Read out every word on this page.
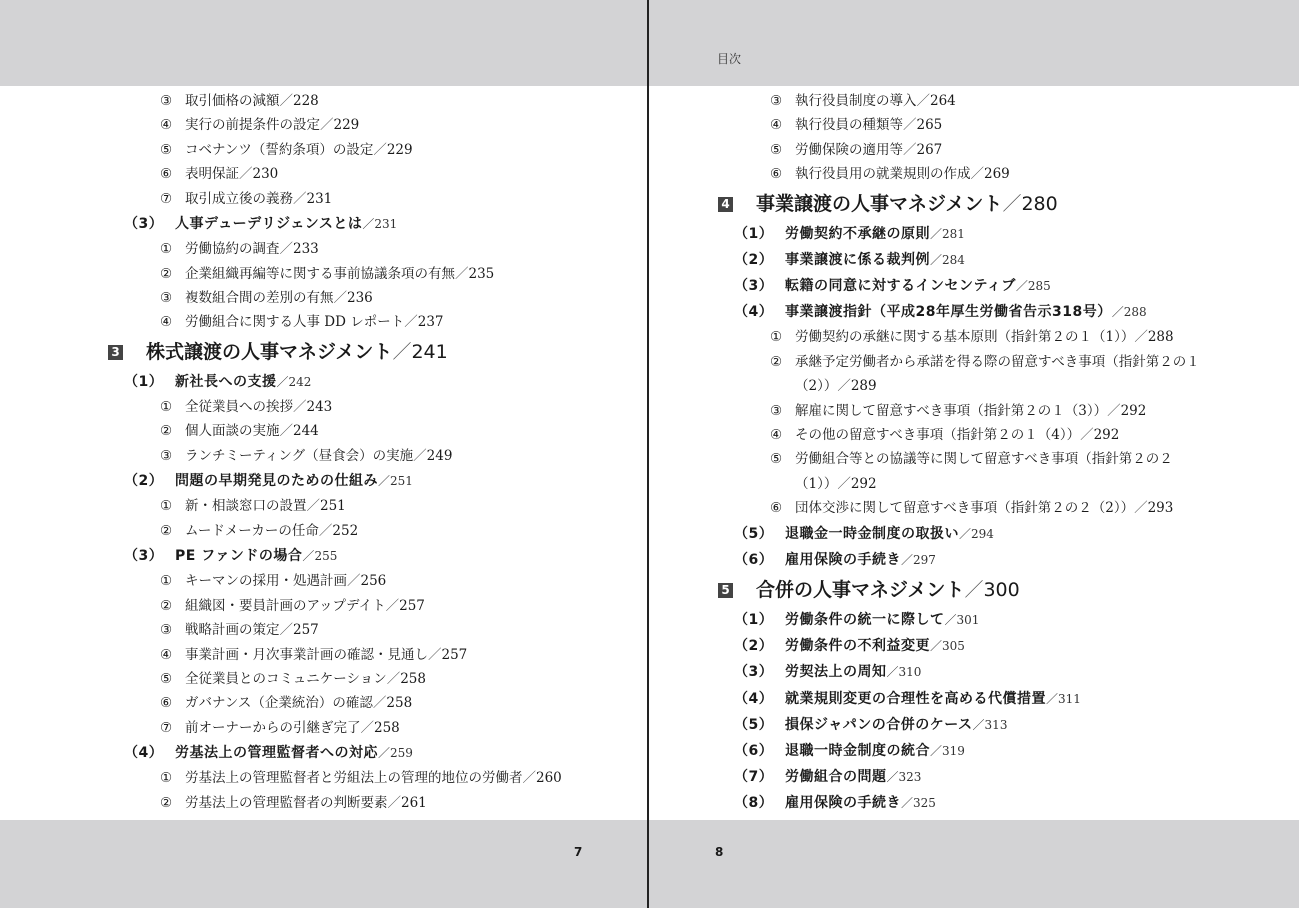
目次
7	8
③ 取引価格の減額／228
④ 実行の前提条件の設定／229
⑤ コベナンツ（誓約条項）の設定／229
⑥ 表明保証／230
⑦ 取引成立後の義務／231
（3） 人事デューデリジェンスとは／231
① 労働協約の調査／233
② 企業組織再編等に関する事前協議条項の有無／235
③ 複数組合間の差別の有無／236
④ 労働組合に関する人事 DD レポート／237
3 株式譲渡の人事マネジメント／241
（1） 新社長への支援／242
① 全従業員への挨拶／243
② 個人面談の実施／244
③ ランチミーティング（昼食会）の実施／249
（2） 問題の早期発見のための仕組み／251
① 新・相談窓口の設置／251
② ムードメーカーの任命／252
（3） PE ファンドの場合／255
① キーマンの採用・処遇計画／256
② 組織図・要員計画のアップデイト／257
③ 戦略計画の策定／257
④ 事業計画・月次事業計画の確認・見通し／257
⑤ 全従業員とのコミュニケーション／258
⑥ ガバナンス（企業統治）の確認／258
⑦ 前オーナーからの引継ぎ完了／258
（4） 労基法上の管理監督者への対応／259
① 労基法上の管理監督者と労組法上の管理的地位の労働者／260
② 労基法上の管理監督者の判断要素／261
③ 執行役員制度の導入／264
④ 執行役員の種類等／265
⑤ 労働保険の適用等／267
⑥ 執行役員用の就業規則の作成／269
4 事業譲渡の人事マネジメント／280
（1） 労働契約不承継の原則／281
（2） 事業譲渡に係る裁判例／284
（3） 転籍の同意に対するインセンティブ／285
（4） 事業譲渡指針（平成28年厚生労働省告示318号）／288
① 労働契約の承継に関する基本原則（指針第２の１（1））／288
② 承継予定労働者から承諾を得る際の留意すべき事項（指針第２の１（2））／289
③ 解雇に関して留意すべき事項（指針第２の１（3））／292
④ その他の留意すべき事項（指針第２の１（4））／292
⑤ 労働組合等との協議等に関して留意すべき事項（指針第２の２（1））／292
⑥ 団体交渉に関して留意すべき事項（指針第２の２（2））／293
（5） 退職金一時金制度の取扱い／294
（6） 雇用保険の手続き／297
5 合併の人事マネジメント／300
（1） 労働条件の統一に際して／301
（2） 労働条件の不利益変更／305
（3） 労契法上の周知／310
（4） 就業規則変更の合理性を高める代償措置／311
（5） 損保ジャパンの合併のケース／313
（6） 退職一時金制度の統合／319
（7） 労働組合の問題／323
（8） 雇用保険の手続き／325
